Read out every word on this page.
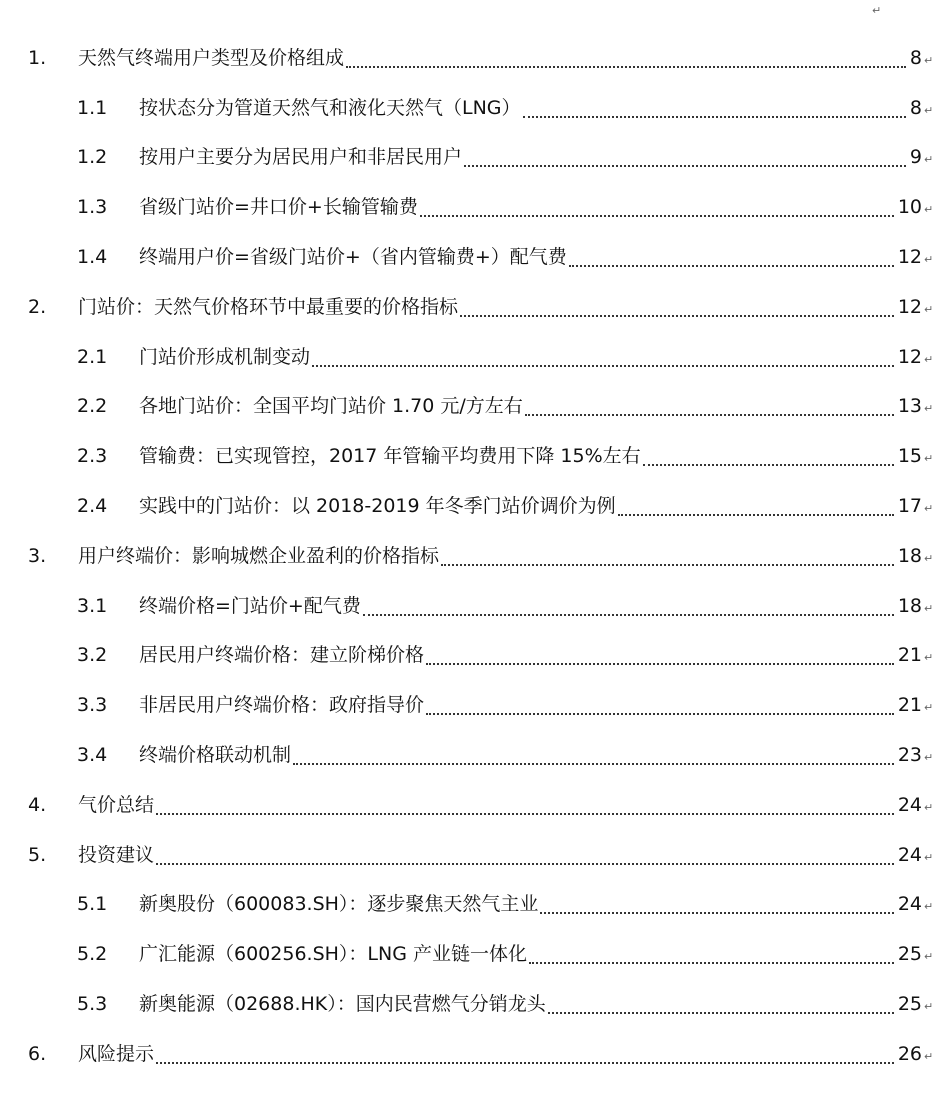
↵
1.	天然气终端用户类型及价格组成	8 ↵
1.1	按状态分为管道天然气和液化天然气（LNG）	8 ↵
1.2	按用户主要分为居民用户和非居民用户	9 ↵
1.3	省级门站价=井口价+长输管输费	10 ↵
1.4	终端用户价=省级门站价+（省内管输费+）配气费	12 ↵
2.	门站价：天然气价格环节中最重要的价格指标	12 ↵
2.1	门站价形成机制变动	12 ↵
2.2	各地门站价：全国平均门站价 1.70 元/方左右	13 ↵
2.3	管输费：已实现管控，2017 年管输平均费用下降 15%左右	15 ↵
2.4	实践中的门站价：以 2018-2019 年冬季门站价调价为例	17 ↵
3.	用户终端价：影响城燃企业盈利的价格指标	18 ↵
3.1	终端价格=门站价+配气费	18 ↵
3.2	居民用户终端价格：建立阶梯价格	21 ↵
3.3	非居民用户终端价格：政府指导价	21 ↵
3.4	终端价格联动机制	23 ↵
4.	气价总结	24 ↵
5.	投资建议	24 ↵
5.1	新奥股份（600083.SH）：逐步聚焦天然气主业	24 ↵
5.2	广汇能源（600256.SH）：LNG 产业链一体化	25 ↵
5.3	新奥能源（02688.HK）：国内民营燃气分销龙头	25 ↵
6.	风险提示	26 ↵
